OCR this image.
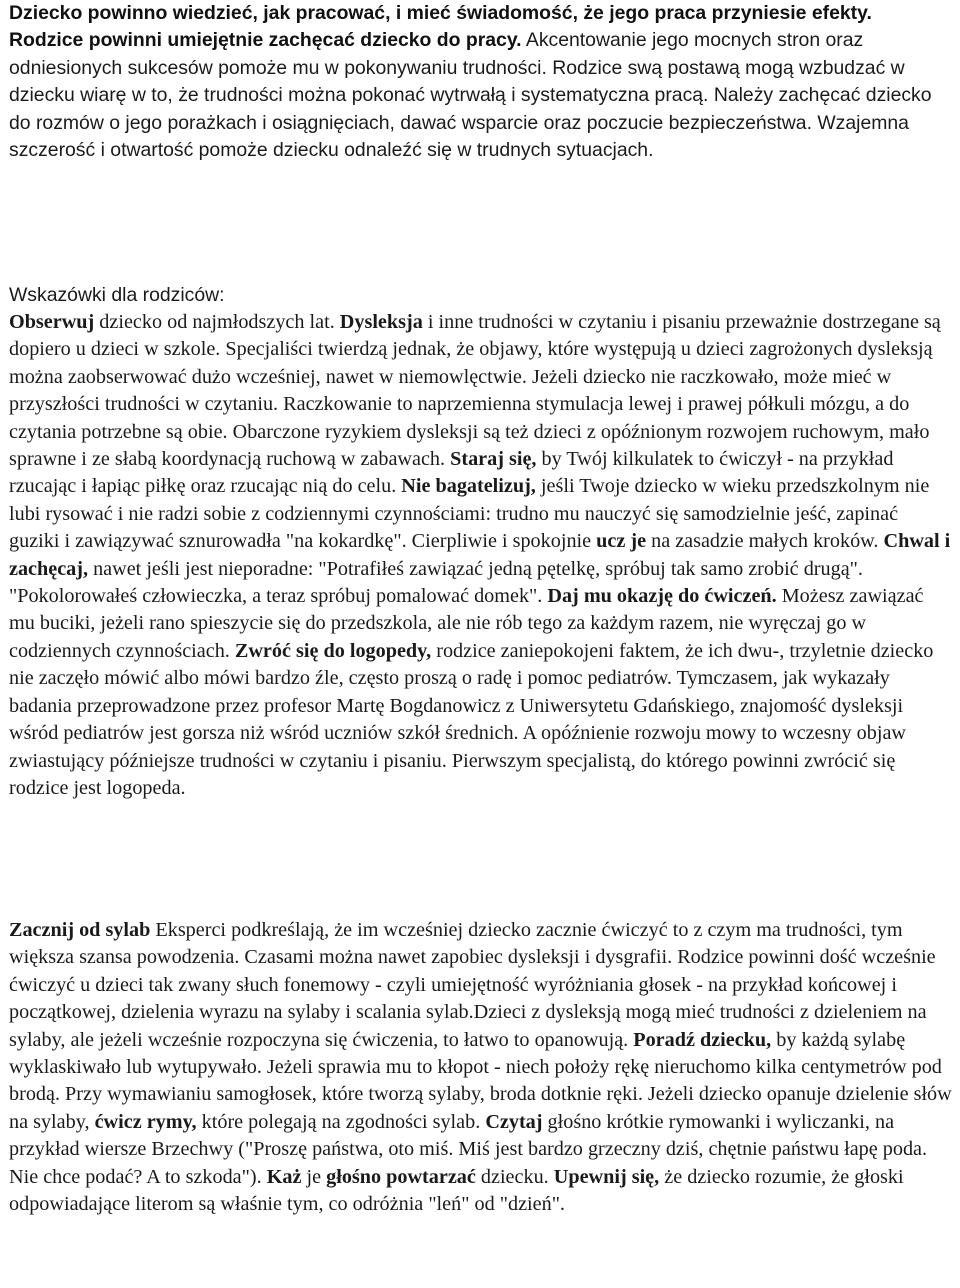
Dziecko powinno wiedzieć, jak pracować, i mieć świadomość, że jego praca przyniesie efekty.
Rodzice powinni umiejętnie zachęcać dziecko do pracy. Akcentowanie jego mocnych stron oraz odniesionych sukcesów pomoże mu w pokonywaniu trudności. Rodzice swą postawą mogą wzbudzać w dziecku wiarę w to, że trudności można pokonać wytrwałą i systematyczna pracą. Należy zachęcać dziecko do rozmów o jego porażkach i osiągnięciach, dawać wsparcie oraz poczucie bezpieczeństwa. Wzajemna szczerość i otwartość pomoże dziecku odnaleźć się w trudnych sytuacjach.

Wskazówki dla rodziców:

Obserwuj dziecko od najmłodszych lat. Dysleksja i inne trudności w czytaniu i pisaniu przeważnie dostrzegane są dopiero u dzieci w szkole. Specjaliści twierdzą jednak, że objawy, które występują u dzieci zagrożonych dysleksją można zaobserwować dużo wcześniej, nawet w niemowlęctwie. Jeżeli dziecko nie raczkowało, może mieć w przyszłości trudności w czytaniu. Raczkowanie to naprzemienna stymulacja lewej i prawej półkuli mózgu, a do czytania potrzebne są obie. Obarczone ryzykiem dysleksji są też dzieci z opóźnionym rozwojem ruchowym, mało sprawne i ze słabą koordynacją ruchową w zabawach. Staraj się, by Twój kilkulatek to ćwiczył - na przykład rzucając i łapiąc piłkę oraz rzucając nią do celu. Nie bagatelizuj, jeśli Twoje dziecko w wieku przedszkolnym nie lubi rysować i nie radzi sobie z codziennymi czynnościami: trudno mu nauczyć się samodzielnie jeść, zapinać guziki i zawiązywać sznurowadła "na kokardkę". Cierpliwie i spokojnie ucz je na zasadzie małych kroków. Chwal i zachęcaj, nawet jeśli jest nieporadne: "Potrafiłeś zawiązać jedną pętelkę, spróbuj tak samo zrobić drugą". "Pokolorowałeś człowieczka, a teraz spróbuj pomalować domek". Daj mu okazję do ćwiczeń. Możesz zawiązać mu buciki, jeżeli rano spieszycie się do przedszkola, ale nie rób tego za każdym razem, nie wyręczaj go w codziennych czynnościach. Zwróć się do logopedy, rodzice zaniepokojeni faktem, że ich dwu-, trzyletnie dziecko nie zaczęło mówić albo mówi bardzo źle, często proszą o radę i pomoc pediatrów. Tymczasem, jak wykazały badania przeprowadzone przez profesor Martę Bogdanowicz z Uniwersytetu Gdańskiego, znajomość dysleksji wśród pediatrów jest gorsza niż wśród uczniów szkół średnich. A opóźnienie rozwoju mowy to wczesny objaw zwiastujący późniejsze trudności w czytaniu i pisaniu. Pierwszym specjalistą, do którego powinni zwrócić się rodzice jest logopeda.

Zacznij od sylab Eksperci podkreślają, że im wcześniej dziecko zacznie ćwiczyć to z czym ma trudności, tym większa szansa powodzenia. Czasami można nawet zapobiec dysleksji i dysgrafii. Rodzice powinni dość wcześnie ćwiczyć u dzieci tak zwany słuch fonemowy - czyli umiejętność wyróżniania głosek - na przykład końcowej i początkowej, dzielenia wyrazu na sylaby i scalania sylab.Dzieci z dysleksją mogą mieć trudności z dzieleniem na sylaby, ale jeżeli wcześnie rozpoczyna się ćwiczenia, to łatwo to opanowują. Poradź dziecku, by każdą sylabę wyklaskiwało lub wytupywało. Jeżeli sprawia mu to kłopot - niech położy rękę nieruchomo kilka centymetrów pod brodą. Przy wymawianiu samogłosek, które tworzą sylaby, broda dotknie ręki. Jeżeli dziecko opanuje dzielenie słów na sylaby, ćwicz rymy, które polegają na zgodności sylab. Czytaj głośno krótkie rymowanki i wyliczanki, na przykład wiersze Brzechwy ("Proszę państwa, oto miś. Miś jest bardzo grzeczny dziś, chętnie państwu łapę poda. Nie chce podać? A to szkoda"). Każ je głośno powtarzać dziecku. Upewnij się, że dziecko rozumie, że głoski odpowiadające literom są właśnie tym, co odróżnia "leń" od "dzień".
